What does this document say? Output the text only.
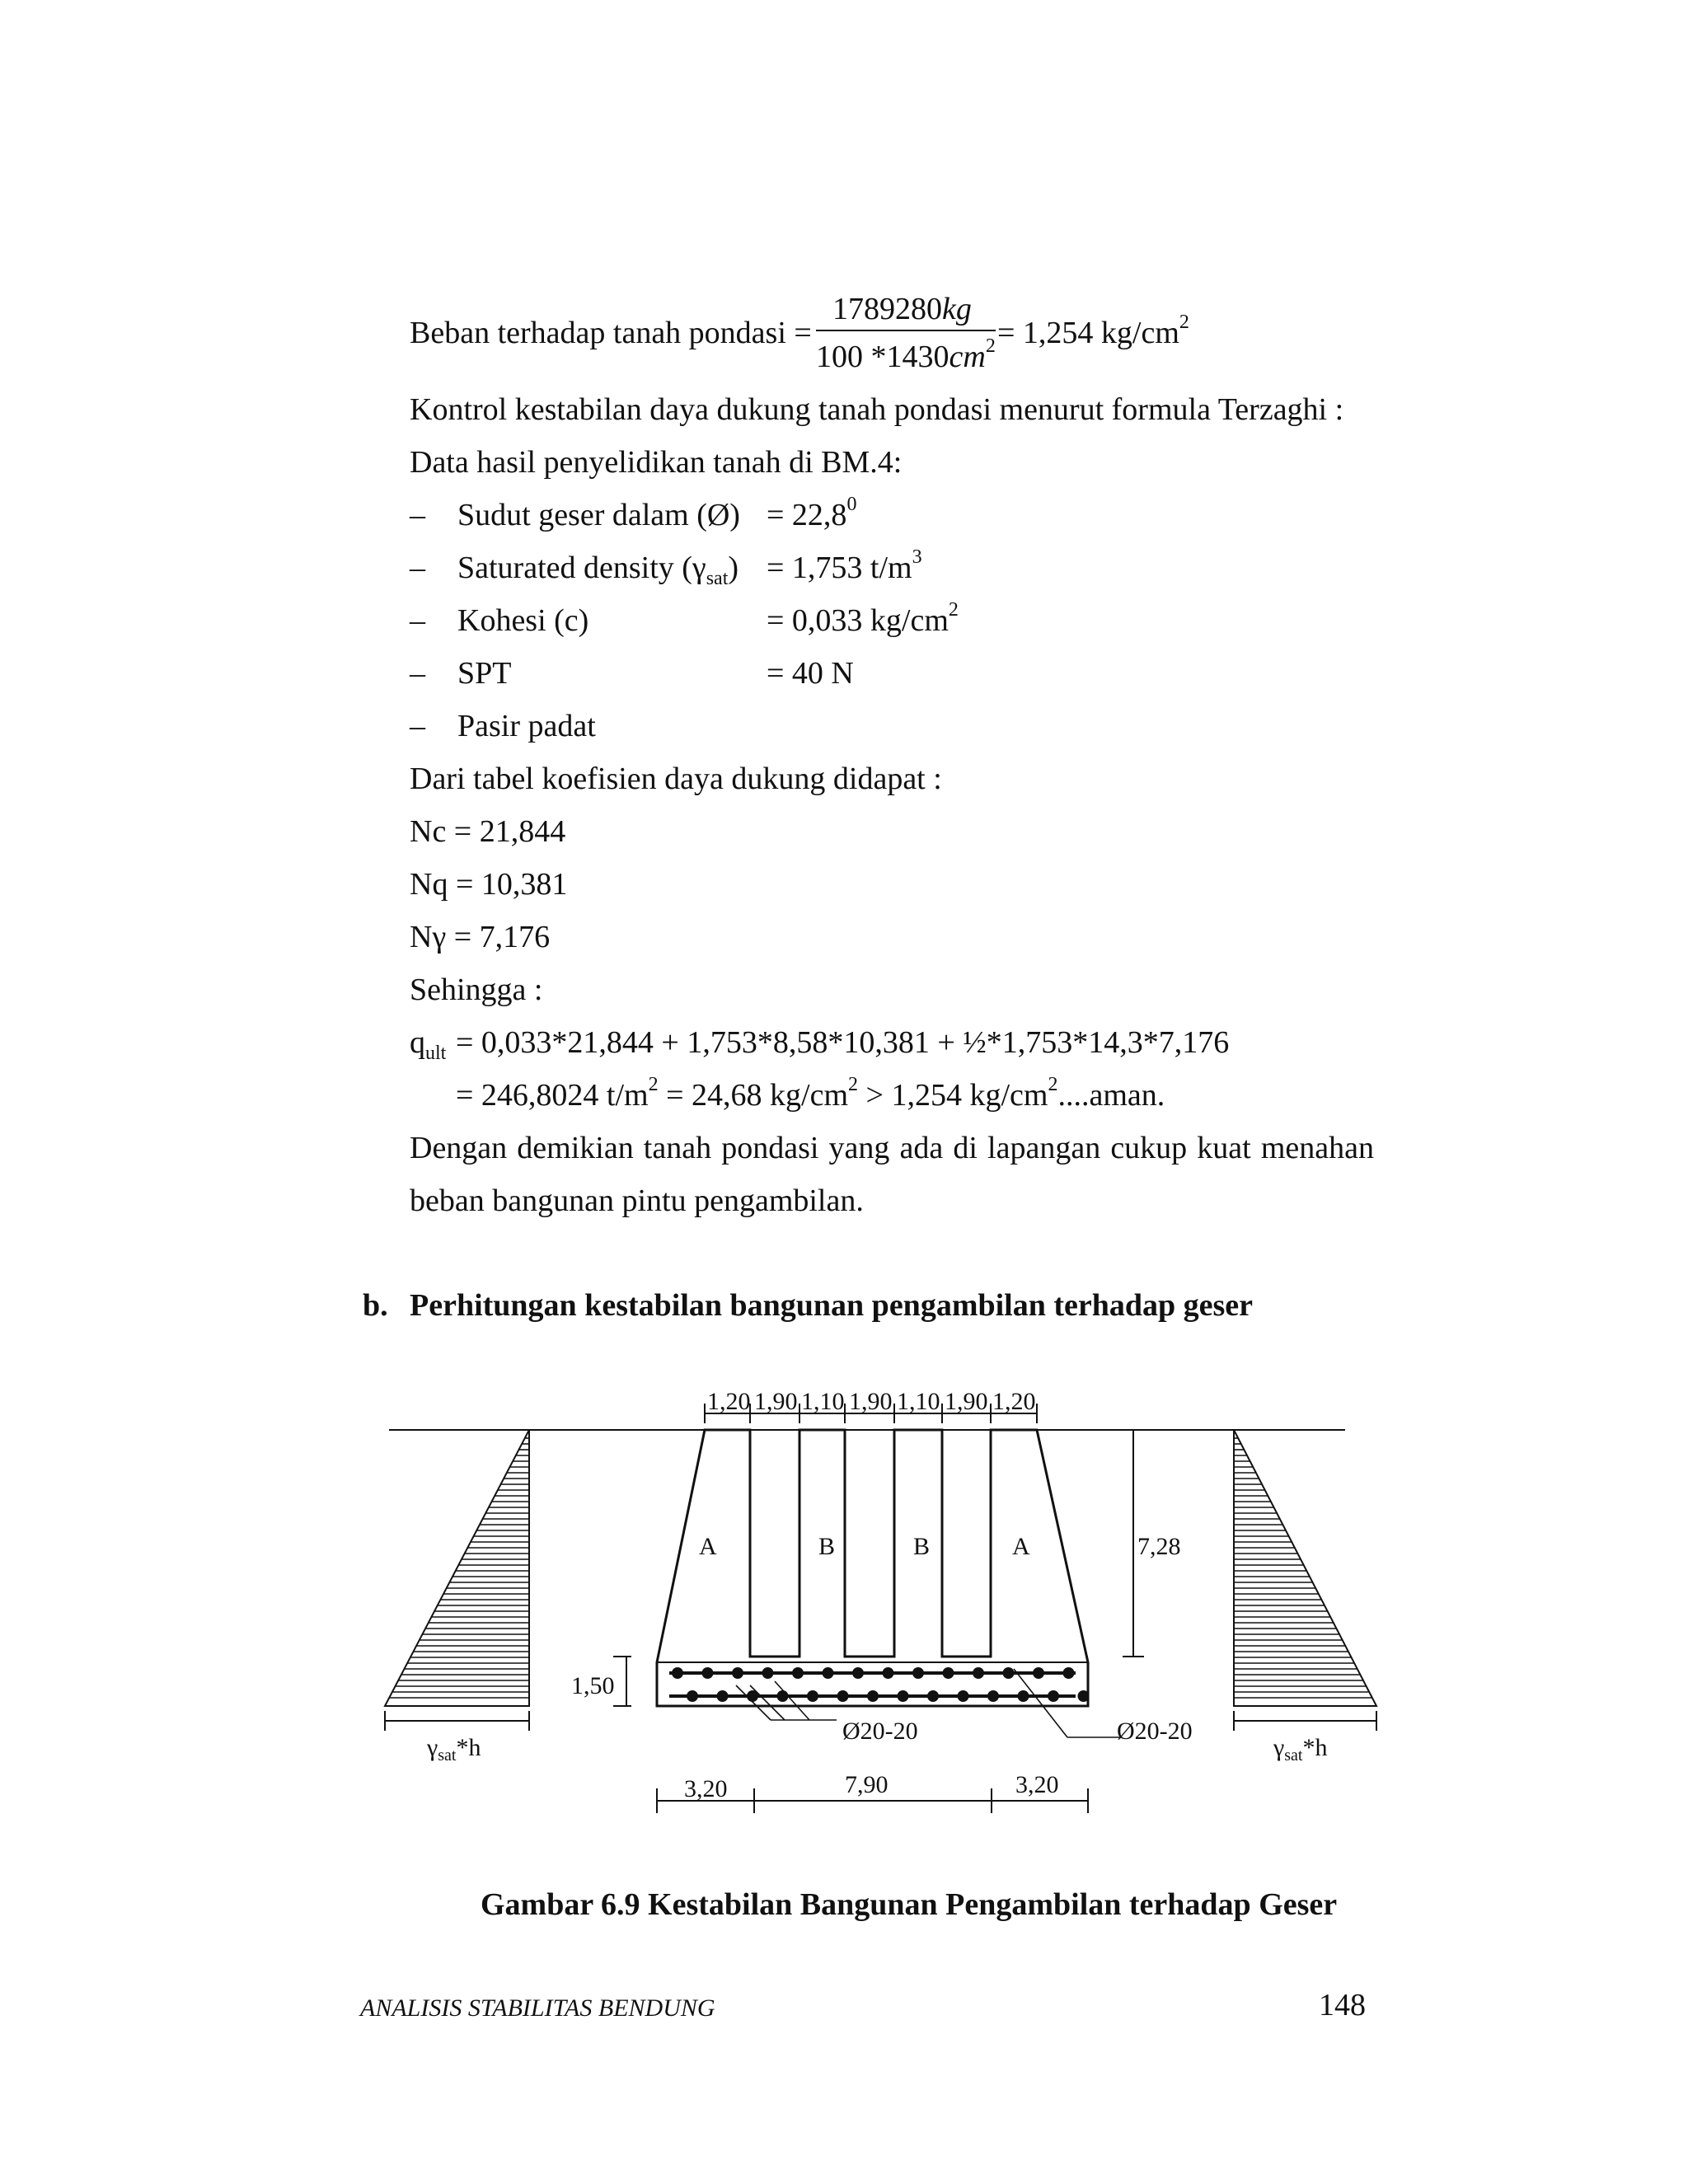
Beban terhadap tanah pondasi =
1789280kg
100 $*1430cm^2 = 1,254$ $kg/cm^2$
Kontrol kestabilan daya dukung tanah pondasi menurut formula Terzaghi :
Data hasil penyelidikan tanah di BM.4:
– Sudut geser dalam (Ø) = $22,8^0$
– Saturated density $(\gamma_{sat}) = 1,753$ $t/m^3$
– Kohesi (c)	= 0,033 $kg/cm^2$
– SPT	= 40 N
– Pasir padat
Dari tabel koefisien daya dukung didapat :
Nc = 21,844
Nq = 10,381
Nγ = 7,176
Sehingga :
$q_{ult} = 0,033*21,844 + 1,753*8,58*10,381$ + ½*1,753*14,3*7,176
= 246,8024 $t/m^2 = 24,68$ $kg/cm^2 > 1,254$ $kg/cm^2....aman$.
Dengan demikian tanah pondasi yang ada di lapangan cukup kuat menahan
beban bangunan pintu pengambilan.
b. Perhitungan kestabilan bangunan pengambilan terhadap geser
1,20 1,90 1,10 1,90 1,10 1,90 1,20
A	B	B	A	7,28
1,50
Ø20-20	Ø20-20
$\gamma_{sat}*h$	$\gamma_{sat}*h$
3,20	7,90	3,20
Gambar 6.9 Kestabilan Bangunan Pengambilan terhadap Geser
ANALISIS STABILITAS BENDUNG	148
